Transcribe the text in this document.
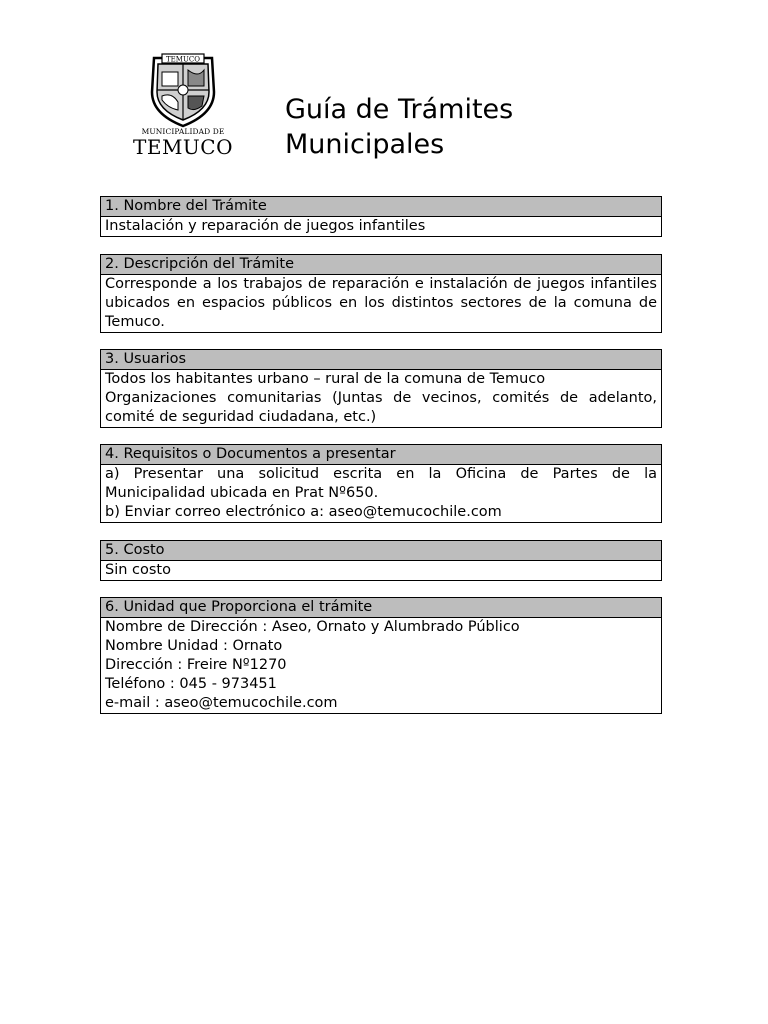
TEMUCO
MUNICIPALIDAD DE
TEMUCO
Guía de Trámites
Municipales
1. Nombre del Trámite
Instalación y reparación de juegos infantiles
2. Descripción del Trámite
Corresponde a los trabajos de reparación e instalación de juegos infantiles ubicados en espacios públicos en los distintos sectores de la comuna de Temuco.
3. Usuarios
Todos los habitantes urbano – rural de la comuna de Temuco
Organizaciones comunitarias (Juntas de vecinos, comités de adelanto, comité de seguridad ciudadana, etc.)
4. Requisitos o Documentos a presentar
a) Presentar una solicitud escrita en la Oficina de Partes de la Municipalidad ubicada en Prat Nº650.
b) Enviar correo electrónico a: aseo@temucochile.com
5. Costo
Sin costo
6. Unidad que Proporciona el trámite
Nombre de Dirección : Aseo, Ornato y Alumbrado Público
Nombre Unidad : Ornato
Dirección : Freire Nº1270
Teléfono : 045 - 973451
e-mail : aseo@temucochile.com
